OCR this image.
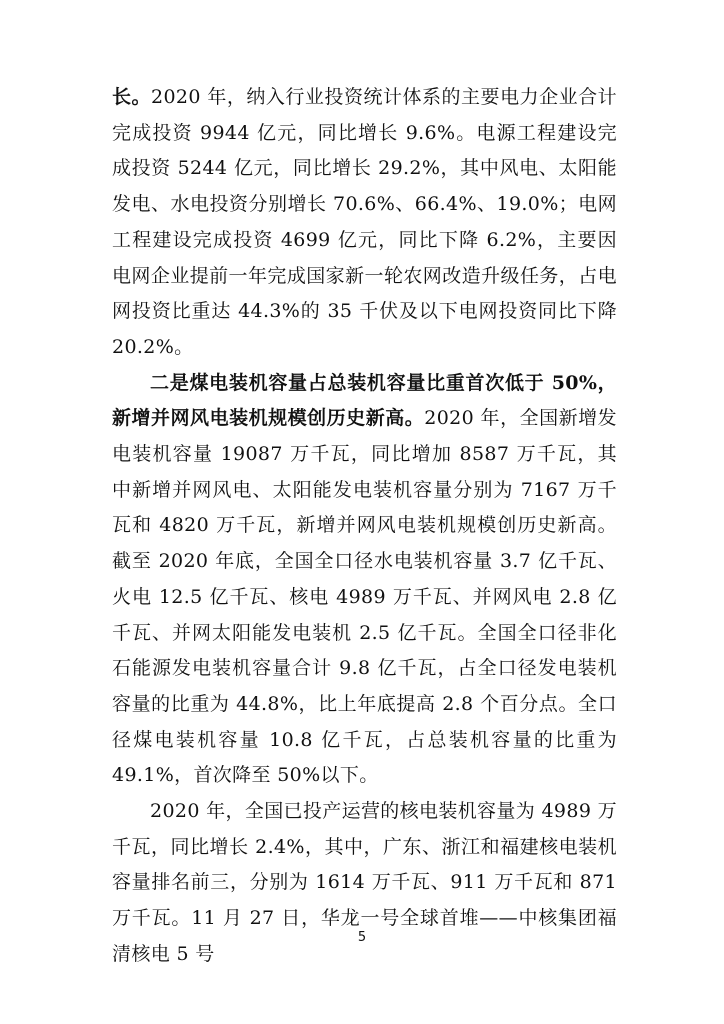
长。2020 年，纳入行业投资统计体系的主要电力企业合计完成投资 9944 亿元，同比增长 9.6%。电源工程建设完成投资 5244 亿元，同比增长 29.2%，其中风电、太阳能发电、水电投资分别增长 70.6%、66.4%、19.0%；电网工程建设完成投资 4699 亿元，同比下降 6.2%，主要因电网企业提前一年完成国家新一轮农网改造升级任务，占电网投资比重达 44.3%的 35 千伏及以下电网投资同比下降 20.2%。

二是煤电装机容量占总装机容量比重首次低于 50%，新增并网风电装机规模创历史新高。2020 年，全国新增发电装机容量 19087 万千瓦，同比增加 8587 万千瓦，其中新增并网风电、太阳能发电装机容量分别为 7167 万千瓦和 4820 万千瓦，新增并网风电装机规模创历史新高。截至 2020 年底，全国全口径水电装机容量 3.7 亿千瓦、火电 12.5 亿千瓦、核电 4989 万千瓦、并网风电 2.8 亿千瓦、并网太阳能发电装机 2.5 亿千瓦。全国全口径非化石能源发电装机容量合计 9.8 亿千瓦，占全口径发电装机容量的比重为 44.8%，比上年底提高 2.8 个百分点。全口径煤电装机容量 10.8 亿千瓦，占总装机容量的比重为 49.1%，首次降至 50%以下。

2020 年，全国已投产运营的核电装机容量为 4989 万千瓦，同比增长 2.4%，其中，广东、浙江和福建核电装机容量排名前三，分别为 1614 万千瓦、911 万千瓦和 871 万千瓦。11 月 27 日，华龙一号全球首堆——中核集团福清核电 5 号

5
